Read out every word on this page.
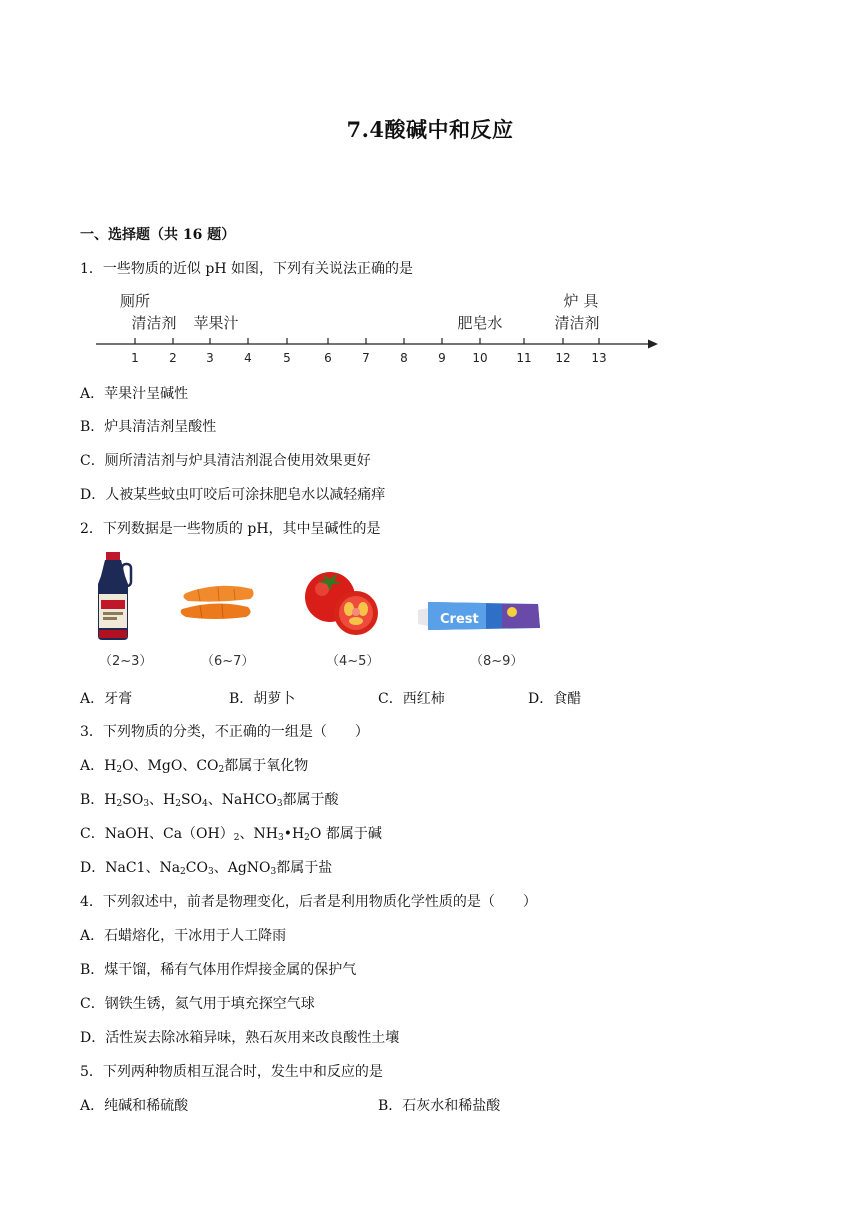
7.4酸碱中和反应
一、选择题（共 16 题）
1．一些物质的近似 pH 如图，下列有关说法正确的是
厕所
清洁剂 苹果汁	肥皂水
炉 具
清洁剂
1	2 3	4	5	6	7	8	9 10 11 12 13
A．苹果汁呈碱性
B．炉具清洁剂呈酸性
C．厕所清洁剂与炉具清洁剂混合使用效果更好
D．人被某些蚊虫叮咬后可涂抹肥皂水以减轻痛痒
2．下列数据是一些物质的 pH，其中呈碱性的是
Crest
（2~3）	（6~7）	（4~5）	（8~9）
A．牙膏	B．胡萝卜	C．西红柿	D．食醋
3．下列物质的分类，不正确的一组是（　　）
A．$H_2O$、MgO、$CO_2$都属于氧化物
B．$H_2SO_3$、$H_2SO_4$、NaHCO$_3$都属于酸
C．NaOH、$Ca(OH)_2$、$NH_3•H_2O$ 都属于碱
D．NaC1、$Na_2CO_3$、AgNO$_3$都属于盐
4．下列叙述中，前者是物理变化，后者是利用物质化学性质的是（　　）
A．石蜡熔化，干冰用于人工降雨
B．煤干馏，稀有气体用作焊接金属的保护气
C．钢铁生锈，氦气用于填充探空气球
D．活性炭去除冰箱异味，熟石灰用来改良酸性土壤
5．下列两种物质相互混合时，发生中和反应的是
A．纯碱和稀硫酸	B．石灰水和稀盐酸
